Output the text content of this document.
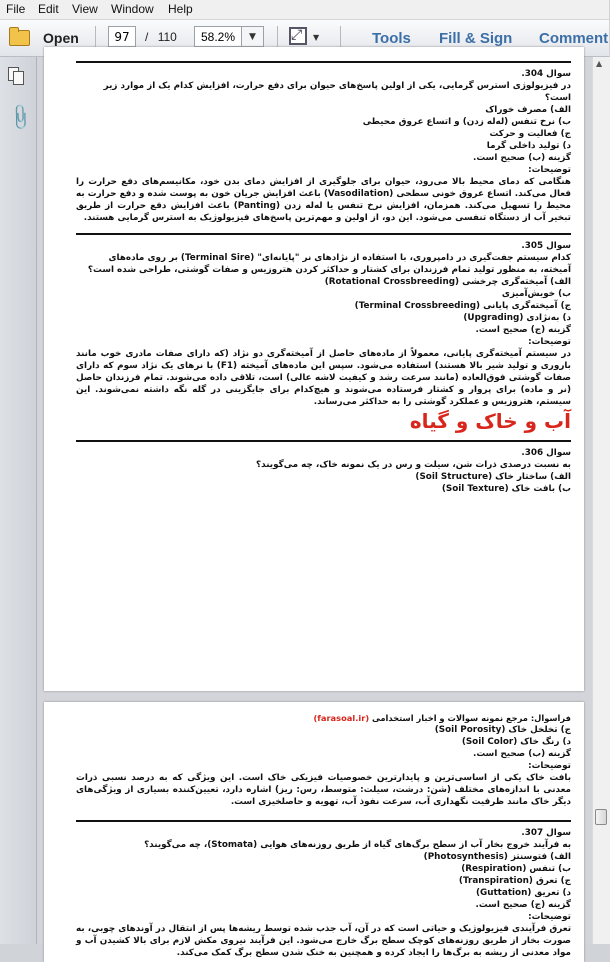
File Edit View Window Help
Open	97	/ 110	58.2%	▼	⤢ ▼	Tools Fill & Sign Comment
📎

سوال 304.

در فیزیولوژی استرس گرمایی، یکی از اولین پاسخ‌های حیوان برای دفع حرارت، افزایش کدام یک از موارد زیر است؟

الف) مصرف خوراک

ب) نرخ تنفس (له‌له زدن) و اتساع عروق محیطی

ج) فعالیت و حرکت

د) تولید داخلی گرما

گزینه (ب) صحیح است.

توضیحات:

هنگامی که دمای محیط بالا می‌رود، حیوان برای جلوگیری از افزایش دمای بدن خود، مکانیسم‌های دفع حرارت را فعال می‌کند. اتساع عروق خونی سطحی (Vasodilation) باعث افزایش جریان خون به پوست شده و دفع حرارت به محیط را تسهیل می‌کند. همزمان، افزایش نرخ تنفس یا له‌له زدن (Panting) باعث افزایش دفع حرارت از طریق تبخیر آب از دستگاه تنفسی می‌شود. این دو، از اولین و مهم‌ترین پاسخ‌های فیزیولوژیک به استرس گرمایی هستند.

سوال 305.

کدام سیستم جفت‌گیری در دامپروری، با استفاده از نژادهای نر "پایانه‌ای" (Terminal Sire) بر روی ماده‌های آمیخته، به منظور تولید تمام فرزندان برای کشتار و حداکثر کردن هتروزیس و صفات گوشتی، طراحی شده است؟

الف) آمیخته‌گری چرخشی (Rotational Crossbreeding)

ب) خویش‌آمیزی

ج) آمیخته‌گری پایانی (Terminal Crossbreeding)

د) به‌نژادی (Upgrading)

گزینه (ج) صحیح است.

توضیحات:

در سیستم آمیخته‌گری پایانی، معمولاً از ماده‌های حاصل از آمیخته‌گری دو نژاد (که دارای صفات مادری خوب مانند باروری و تولید شیر بالا هستند) استفاده می‌شود. سپس این ماده‌های آمیخته (F1) با نرهای یک نژاد سوم که دارای صفات گوشتی فوق‌العاده (مانند سرعت رشد و کیفیت لاشه عالی) است، تلاقی داده می‌شوند. تمام فرزندان حاصل (نر و ماده) برای پروار و کشتار فرستاده می‌شوند و هیچ‌کدام برای جایگزینی در گله نگه داشته نمی‌شوند. این سیستم، هتروزیس و عملکرد گوشتی را به حداکثر می‌رساند.

آب و خاک و گیاه

سوال 306.

به نسبت درصدی ذرات شن، سیلت و رس در یک نمونه خاک، چه می‌گویند؟

الف) ساختار خاک (Soil Structure)

ب) بافت خاک (Soil Texture)

فراسوال: مرجع نمونه سوالات و اخبار استخدامی (farasoal.ir)

ج) تخلخل خاک (Soil Porosity)

د) رنگ خاک (Soil Color)

گزینه (ب) صحیح است.

توضیحات:

بافت خاک یکی از اساسی‌ترین و پایدارترین خصوصیات فیزیکی خاک است. این ویژگی که به درصد نسبی ذرات معدنی با اندازه‌های مختلف (شن: درشت، سیلت: متوسط، رس: ریز) اشاره دارد، تعیین‌کننده بسیاری از ویژگی‌های دیگر خاک مانند ظرفیت نگهداری آب، سرعت نفوذ آب، تهویه و حاصلخیزی است.

سوال 307.

به فرآیند خروج بخار آب از سطح برگ‌های گیاه از طریق روزنه‌های هوایی (Stomata)، چه می‌گویند؟

الف) فتوسنتز (Photosynthesis)

ب) تنفس (Respiration)

ج) تعرق (Transpiration)

د) تعریق (Guttation)

گزینه (ج) صحیح است.

توضیحات:

تعرق فرآیندی فیزیولوژیک و حیاتی است که در آن، آب جذب شده توسط ریشه‌ها پس از انتقال در آوندهای چوبی، به صورت بخار از طریق روزنه‌های کوچک سطح برگ خارج می‌شود. این فرآیند نیروی مکش لازم برای بالا کشیدن آب و مواد معدنی از ریشه به برگ‌ها را ایجاد کرده و همچنین به خنک شدن سطح برگ کمک می‌کند.

▲
